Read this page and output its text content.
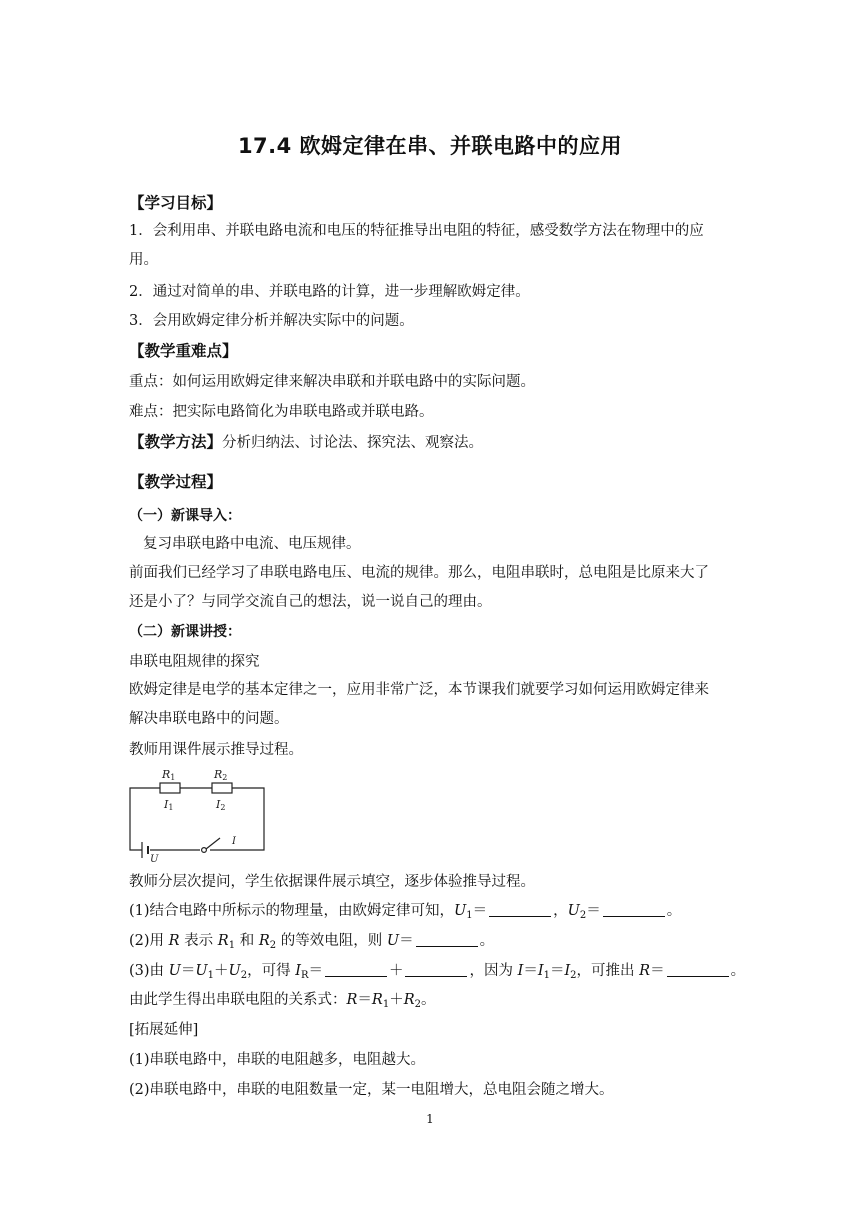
17.4 欧姆定律在串、并联电路中的应用
【学习目标】
1．会利用串、并联电路电流和电压的特征推导出电阻的特征，感受数学方法在物理中的应
用。
2．通过对简单的串、并联电路的计算，进一步理解欧姆定律。
3．会用欧姆定律分析并解决实际中的问题。
【教学重难点】
重点：如何运用欧姆定律来解决串联和并联电路中的实际问题。
难点：把实际电路简化为串联电路或并联电路。
【教学方法】分析归纳法、讨论法、探究法、观察法。
【教学过程】
（一）新课导入：
复习串联电路中电流、电压规律。
前面我们已经学习了串联电路电压、电流的规律。那么，电阻串联时，总电阻是比原来大了
还是小了？与同学交流自己的想法，说一说自己的理由。
（二）新课讲授：
串联电阻规律的探究
欧姆定律是电学的基本定律之一，应用非常广泛，本节课我们就要学习如何运用欧姆定律来
解决串联电路中的问题。
教师用课件展示推导过程。
R1	R2
I1	I2
U
I
教师分层次提问，学生依据课件展示填空，逐步体验推导过程。
(1)结合电路中所标示的物理量，由欧姆定律可知，$U_1=$	，$U_2=$	。
(2)用 R 表示 $R_1$ 和 $R_2$ 的等效电阻，则 U＝	。
(3)由 $U=U_1+U_2$，可得 $I_R=$	＋	，因为 $I=I_1=I_2$，可推出 R＝	。
由此学生得出串联电阻的关系式：$R=R_1+R_2$。
[拓展延伸]
(1)串联电路中，串联的电阻越多，电阻越大。
(2)串联电路中，串联的电阻数量一定，某一电阻增大，总电阻会随之增大。
1
